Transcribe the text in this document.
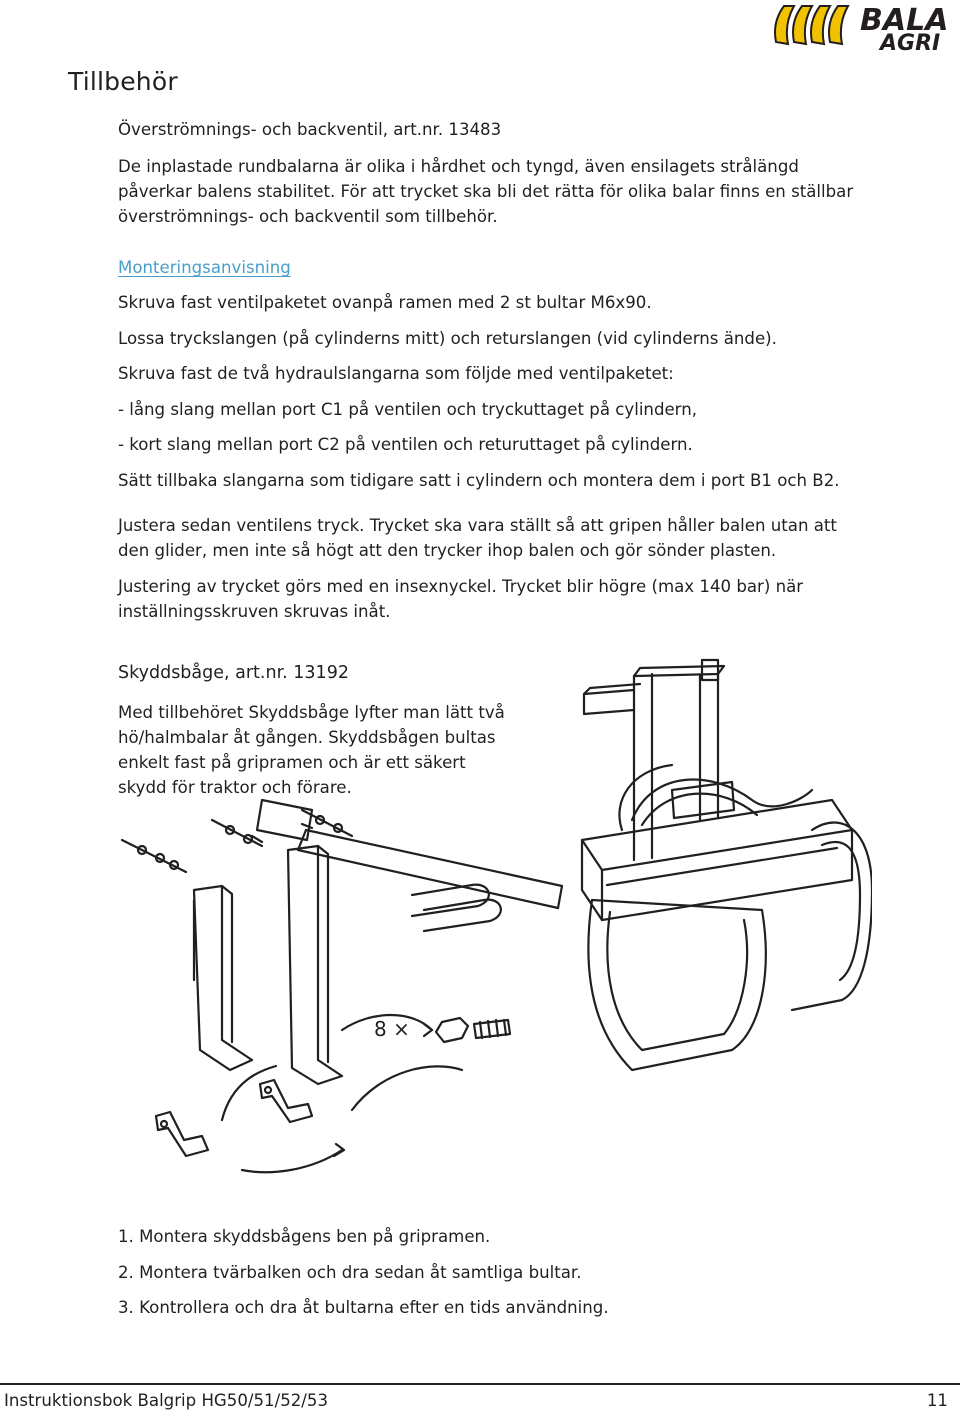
BALA
AGRI
Tillbehör

Överströmnings- och backventil, art.nr. 13483

De inplastade rundbalarna är olika i hårdhet och tyngd, även ensilagets strålängd

påverkar balens stabilitet. För att trycket ska bli det rätta för olika balar finns en ställbar

överströmnings- och backventil som tillbehör.

Monteringsanvisning

Skruva fast ventilpaketet ovanpå ramen med 2 st bultar M6x90.

Lossa tryckslangen (på cylinderns mitt) och returslangen (vid cylinderns ände).

Skruva fast de två hydraulslangarna som följde med ventilpaketet:

- lång slang mellan port C1 på ventilen och tryckuttaget på cylindern,

- kort slang mellan port C2 på ventilen och returuttaget på cylindern.

Sätt tillbaka slangarna som tidigare satt i cylindern och montera dem i port B1 och B2.

Justera sedan ventilens tryck. Trycket ska vara ställt så att gripen håller balen utan att

den glider, men inte så högt att den trycker ihop balen och gör sönder plasten.

Justering av trycket görs med en insexnyckel. Trycket blir högre (max 140 bar) när

inställningsskruven skruvas inåt.

Skyddsbåge, art.nr. 13192

Med tillbehöret Skyddsbåge lyfter man lätt två

hö/halmbalar åt gången. Skyddsbågen bultas

enkelt fast på gripramen och är ett säkert

skydd för traktor och förare.

8 ×

1. Montera skyddsbågens ben på gripramen.

2. Montera tvärbalken och dra sedan åt samtliga bultar.

3. Kontrollera och dra åt bultarna efter en tids användning.

Instruktionsbok Balgrip HG50/51/52/53	11
